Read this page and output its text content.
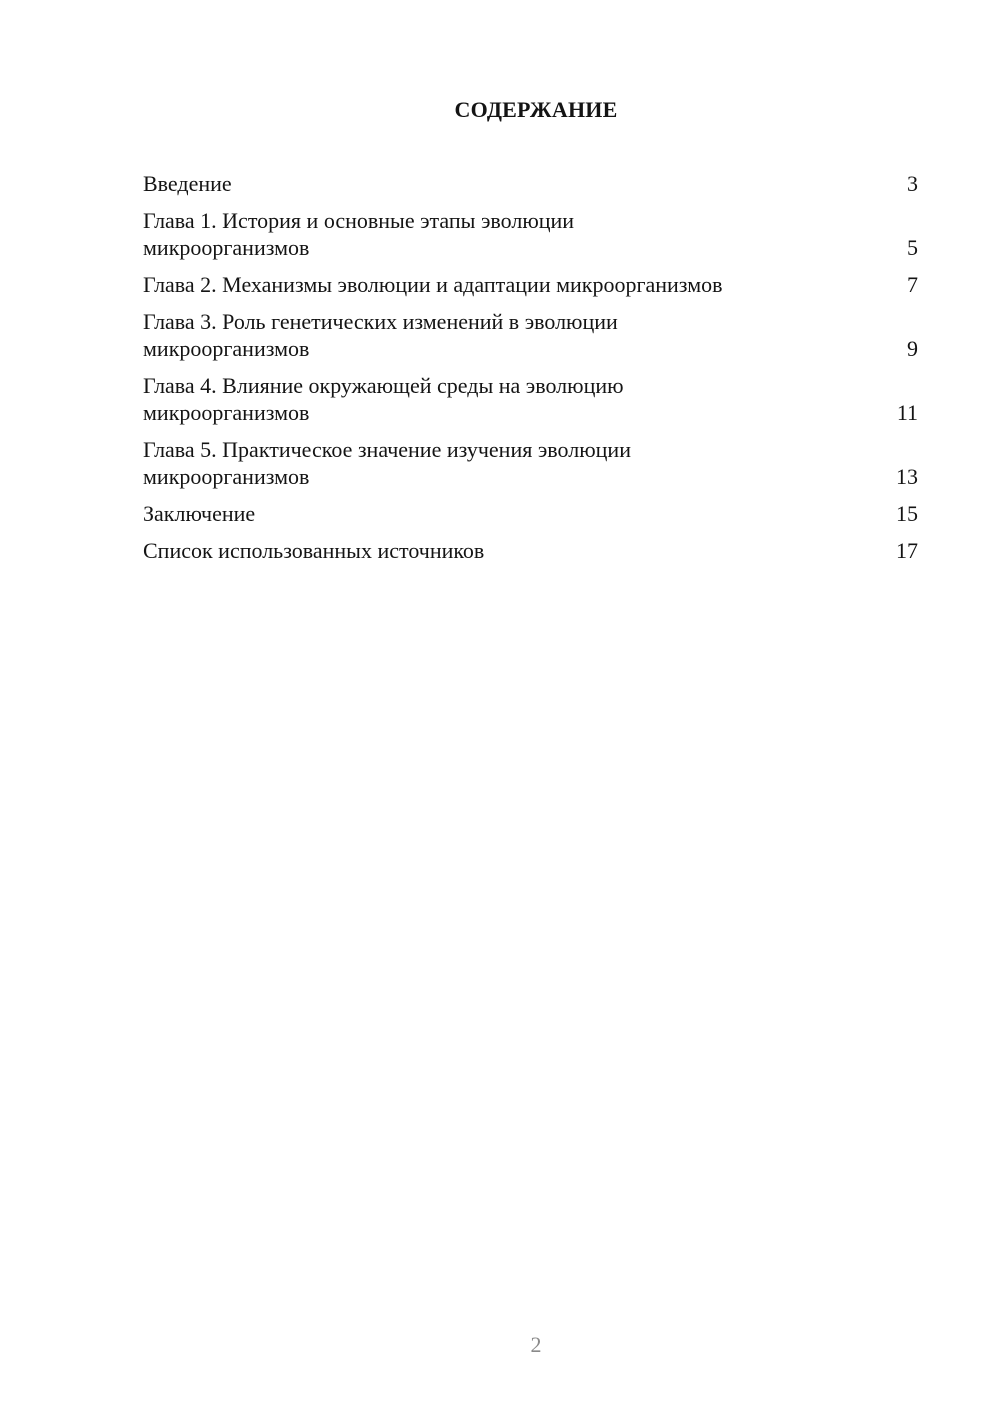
СОДЕРЖАНИЕ
Введение	3
Глава 1. История и основные этапы эволюции
микроорганизмов	5
Глава 2. Механизмы эволюции и адаптации микроорганизмов	7
Глава 3. Роль генетических изменений в эволюции
микроорганизмов	9
Глава 4. Влияние окружающей среды на эволюцию
микроорганизмов	11
Глава 5. Практическое значение изучения эволюции
микроорганизмов	13
Заключение	15
Список использованных источников	17
2
